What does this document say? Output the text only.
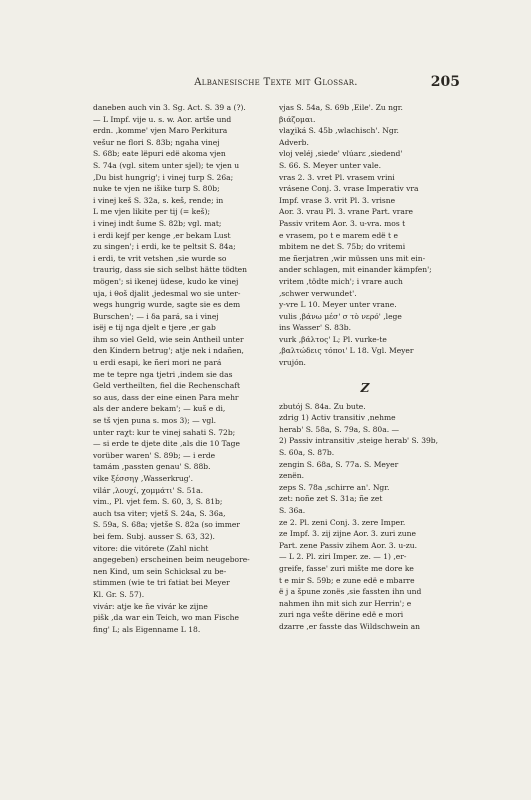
Albanesische Texte mit Glossar.	205
daneben auch vin 3. Sg. Act. S. 39 a (?).
— L Impf. vije u. s. w. Aor. artše und
erdn. ‚komme' vjen Maro Perkitura
vešur ne flori S. 83b; ngaha vinej
S. 68b; eate lëpuri edë akoma vjen
S. 74a (vgl. sitem unter sjel); te vjen u
‚Du bist hungrig'; i vinej turp S. 26a;
nuke te vjen ne išike turp S. 80b;
i vinej keš S. 32a, s. keš, rende; in
L me vjen likite per tij (= keš);
i vinej indt šume S. 82b; vgl. mat;
i erdi kejf per kenge ‚er bekam Lust
zu singen'; i erdi, ke te peltsit S. 84a;
i erdi, te vrit vetshen ‚sie wurde so
traurig, dass sie sich selbst hätte tödten
mögen'; si ikenej üdese, kudo ke vinej
uja, i θoš djalit ‚jedesmal wo sie unter-
wegs hungrig wurde, sagte sie es dem
Burschen'; — i δa pará, sa i vinej
isëj e tij nga djelt e tjere ‚er gab
ihm so viel Geld, wie sein Antheil unter
den Kindern betrug'; atje nek i ndañen,
u erdi esapi, ke ñeri mori ne pará
me te tepre nga tjetri ‚indem sie das
Geld vertheilten, fiel die Rechenschaft
so aus, dass der eine einen Para mehr
als der andere bekam'; — kuš e di,
se tš vjen puna s. mos 3); — vgl.
unter raχt: kur te vinej sahati S. 72b;
— si erde te djete dite ‚als die 10 Tage
vorüber waren' S. 89b; — i erde
tamám ‚passten genau' S. 88b.
vike ξέσσηγ ‚Wasserkrug'.
vilár ‚λουχί, χομμάτι' S. 51a.
vim., Pl. vjet fem. S. 60, 3, S. 81b;
auch tsa viter; vjetš S. 24a, S. 36a,
S. 59a, S. 68a; vjetše S. 82a (so immer
bei fem. Subj. ausser S. 63, 32).
vitore: die vitórete (Zahl nicht
angegeben) erscheinen beim neugebore-
nen Kind, um sein Schicksal zu be-
stimmen (wie te tri fatiat bei Meyer
Kl. Gr. S. 57).
vivár: atje ke ňe vivár ke zijne
pišk ‚da war ein Teich, wo man Fische
fing' L; als Eigenname L 18.
vjas S. 54a, S. 69b ‚Eile'. Zu ngr.
βιάζομαι.
vlaχiká S. 45b ‚wlachisch'. Ngr.
Adverb.
vloj veléj ‚siede' vlúarε ‚siedend'
S. 66. S. Meyer unter vale.
vras 2. 3. vret Pl. vrasem vrini
vrásene Conj. 3. vrase Imperativ vra
Impf. vrase 3. vrit Pl. 3. vrisne
Aor. 3. vrau Pl. 3. vrane Part. vrare
Passiv vritem Aor. 3. u-vra. mos t
e vrasem, po t e marem edë t e
mbitem ne det S. 75b; do vritemi
me ñerjatren ‚wir müssen uns mit ein-
ander schlagen, mit einander kämpfen';
vritem ‚tödte mich'; i vrare auch
‚schwer verwundet'.
y-vre L 10. Meyer unter vrane.
vulis ‚βάνω μέσ' σ τὸ νερό' ‚lege
ins Wasser' S. 83b.
vurk ‚βάλτος' L; Pl. vurke-te
‚βαλτώδεις τόποι' L 18. Vgl. Meyer
vrujón.
Z
zbutój S. 84a. Zu bute.
zdrig 1) Activ transitiv ‚nehme
herab' S. 58a, S. 79a, S. 80a. —
2) Passiv intransitiv ‚steige herab' S. 39b,
S. 60a, S. 87b.
zengin S. 68a, S. 77a. S. Meyer
zenën.
zeps S. 78a ‚schirre an'. Ngr.
zet: noñe zet S. 31a; ñe zet
S. 36a.
ze 2. Pl. zeni Conj. 3. zere Imper.
ze Impf. 3. zij zijne Aor. 3. zuri zune
Part. zene Passiv zihem Aor. 3. u-zu.
— L 2. Pl. ziri Imper. ze. — 1) ‚er-
greife, fasse' zuri mište me dore ke
t e mir S. 59b; e zune edë e mbarre
ë j a špune zonës ‚sie fassten ihn und
nahmen ihn mit sich zur Herrin'; e
zuri nga vešte dërine edë e mori
dzarre ‚er fasste das Wildschwein an
